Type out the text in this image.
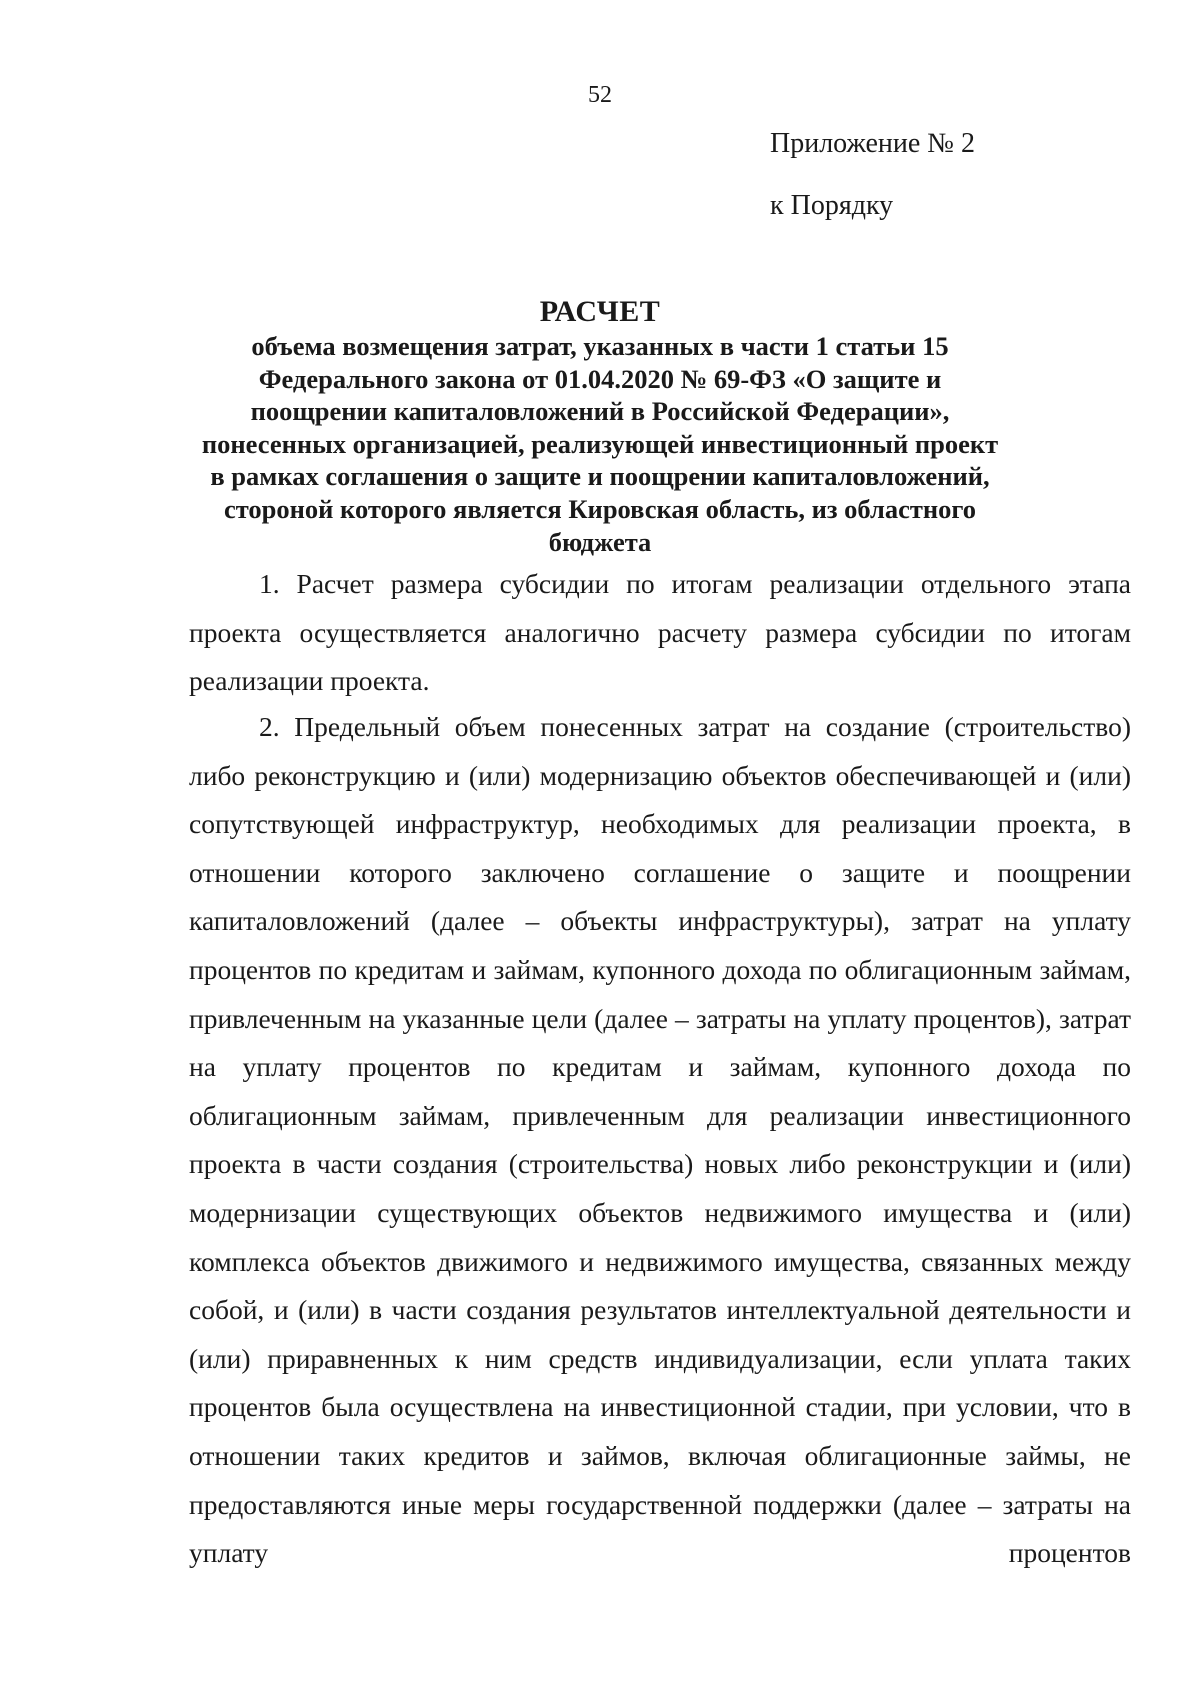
52
Приложение № 2
к Порядку
РАСЧЕТ
объема возмещения затрат, указанных в части 1 статьи 15 Федерального закона от 01.04.2020 № 69-ФЗ «О защите и поощрении капиталовложений в Российской Федерации», понесенных организацией, реализующей инвестиционный проект в рамках соглашения о защите и поощрении капиталовложений, стороной которого является Кировская область, из областного бюджета

1. Расчет размера субсидии по итогам реализации отдельного этапа проекта осуществляется аналогично расчету размера субсидии по итогам реализации проекта.

2. Предельный объем понесенных затрат на создание (строительство) либо реконструкцию и (или) модернизацию объектов обеспечивающей и (или) сопутствующей инфраструктур, необходимых для реализации проекта, в отношении которого заключено соглашение о защите и поощрении капиталовложений (далее – объекты инфраструктуры), затрат на уплату процентов по кредитам и займам, купонного дохода по облигационным займам, привлеченным на указанные цели (далее – затраты на уплату процентов), затрат на уплату процентов по кредитам и займам, купонного дохода по облигационным займам, привлеченным для реализации инвестиционного проекта в части создания (строительства) новых либо реконструкции и (или) модернизации существующих объектов недвижимого имущества и (или) комплекса объектов движимого и недвижимого имущества, связанных между собой, и (или) в части создания результатов интеллектуальной деятельности и (или) приравненных к ним средств индивидуализации, если уплата таких процентов была осуществлена на инвестиционной стадии, при условии, что в отношении таких кредитов и займов, включая облигационные займы, не предоставляются иные меры государственной поддержки (далее – затраты на уплату процентов
